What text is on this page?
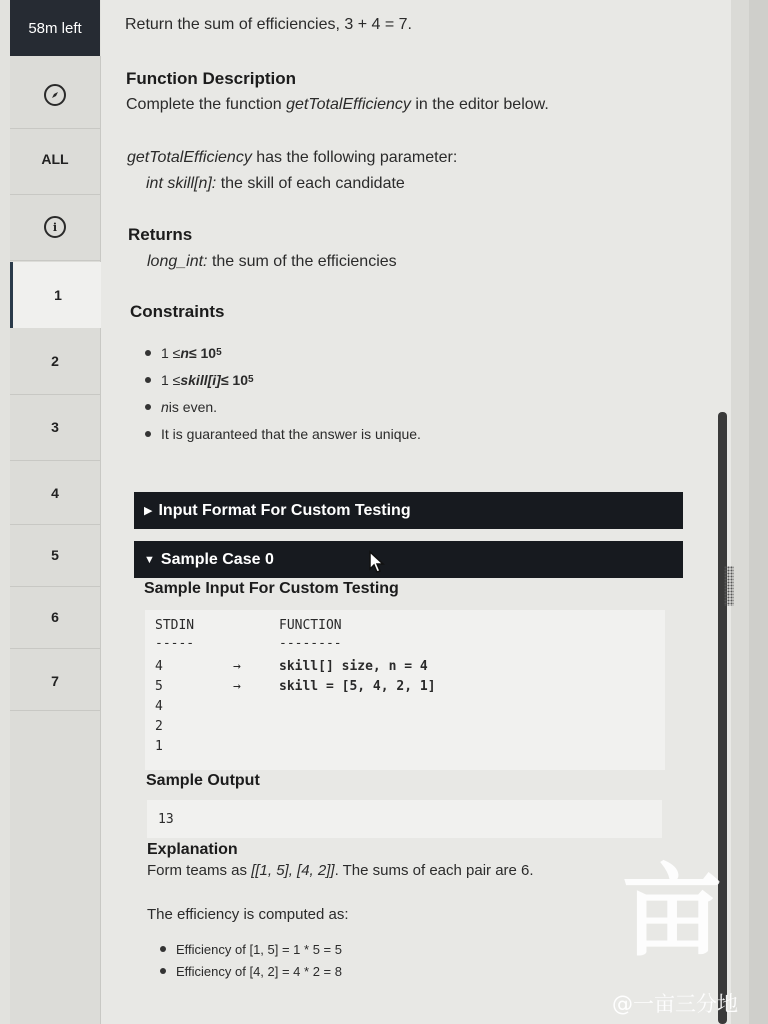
58m left
ALL
i
1
2
3
4
5
6
7
Return the sum of efficiencies, 3 + 4 = 7.
Function Description
Complete the function getTotalEfficiency in the editor below.
getTotalEfficiency has the following parameter:
int skill[n]: the skill of each candidate
Returns
long_int: the sum of the efficiencies
Constraints
1 ≤ n ≤ 10 5
1 ≤ skill[i] ≤ 10 5
n is even.
It is guaranteed that the answer is unique.
▶ Input Format For Custom Testing
▼ Sample Case 0
Sample Input For Custom Testing
STDIN	FUNCTION
-----	--------
4	→	skill[] size, n = 4
5	→	skill = [5, 4, 2, 1]
4
2
1
Sample Output
13
Explanation
Form teams as [[1, 5], [4, 2]]. The sums of each pair are 6.
The efficiency is computed as:
Efficiency of [1, 5] = 1 * 5 = 5
Efficiency of [4, 2] = 4 * 2 = 8
亩
@一亩三分地
